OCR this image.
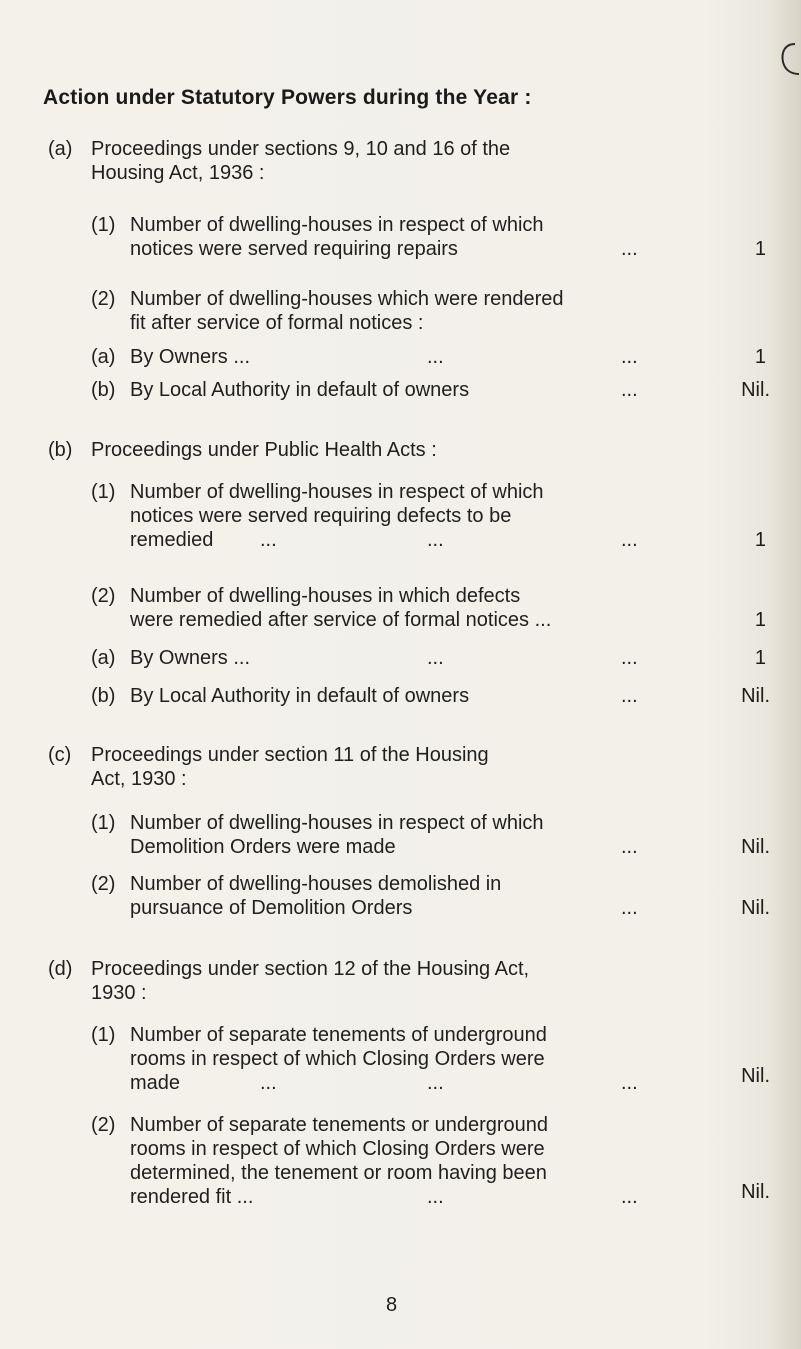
Action under Statutory Powers during the Year :
(a) Proceedings under sections 9, 10 and 16 of the
Housing Act, 1936 :
(1) Number of dwelling-houses in respect of which
notices were served requiring repairs	...	1
(2) Number of dwelling-houses which were rendered
fit after service of formal notices :
(a) By Owners ...	...	...	1
(b) By Local Authority in default of owners	...	Nil.
(b) Proceedings under Public Health Acts :
(1) Number of dwelling-houses in respect of which
notices were served requiring defects to be
remedied ...	...	...	1
(2) Number of dwelling-houses in which defects
were remedied after service of formal notices ...	1
(a) By Owners ...	...	...	1
(b) By Local Authority in default of owners	...	Nil.
(c) Proceedings under section 11 of the Housing
Act, 1930 :
(1) Number of dwelling-houses in respect of which
Demolition Orders were made	...	Nil.
(2) Number of dwelling-houses demolished in
pursuance of Demolition Orders	...	Nil.
(d) Proceedings under section 12 of the Housing Act,
1930 :
(1) Number of separate tenements of underground
rooms in respect of which Closing Orders were
made	...	...	...	Nil.
(2) Number of separate tenements or underground
rooms in respect of which Closing Orders were
determined, the tenement or room having been
rendered fit ...	...	...	Nil.
8
